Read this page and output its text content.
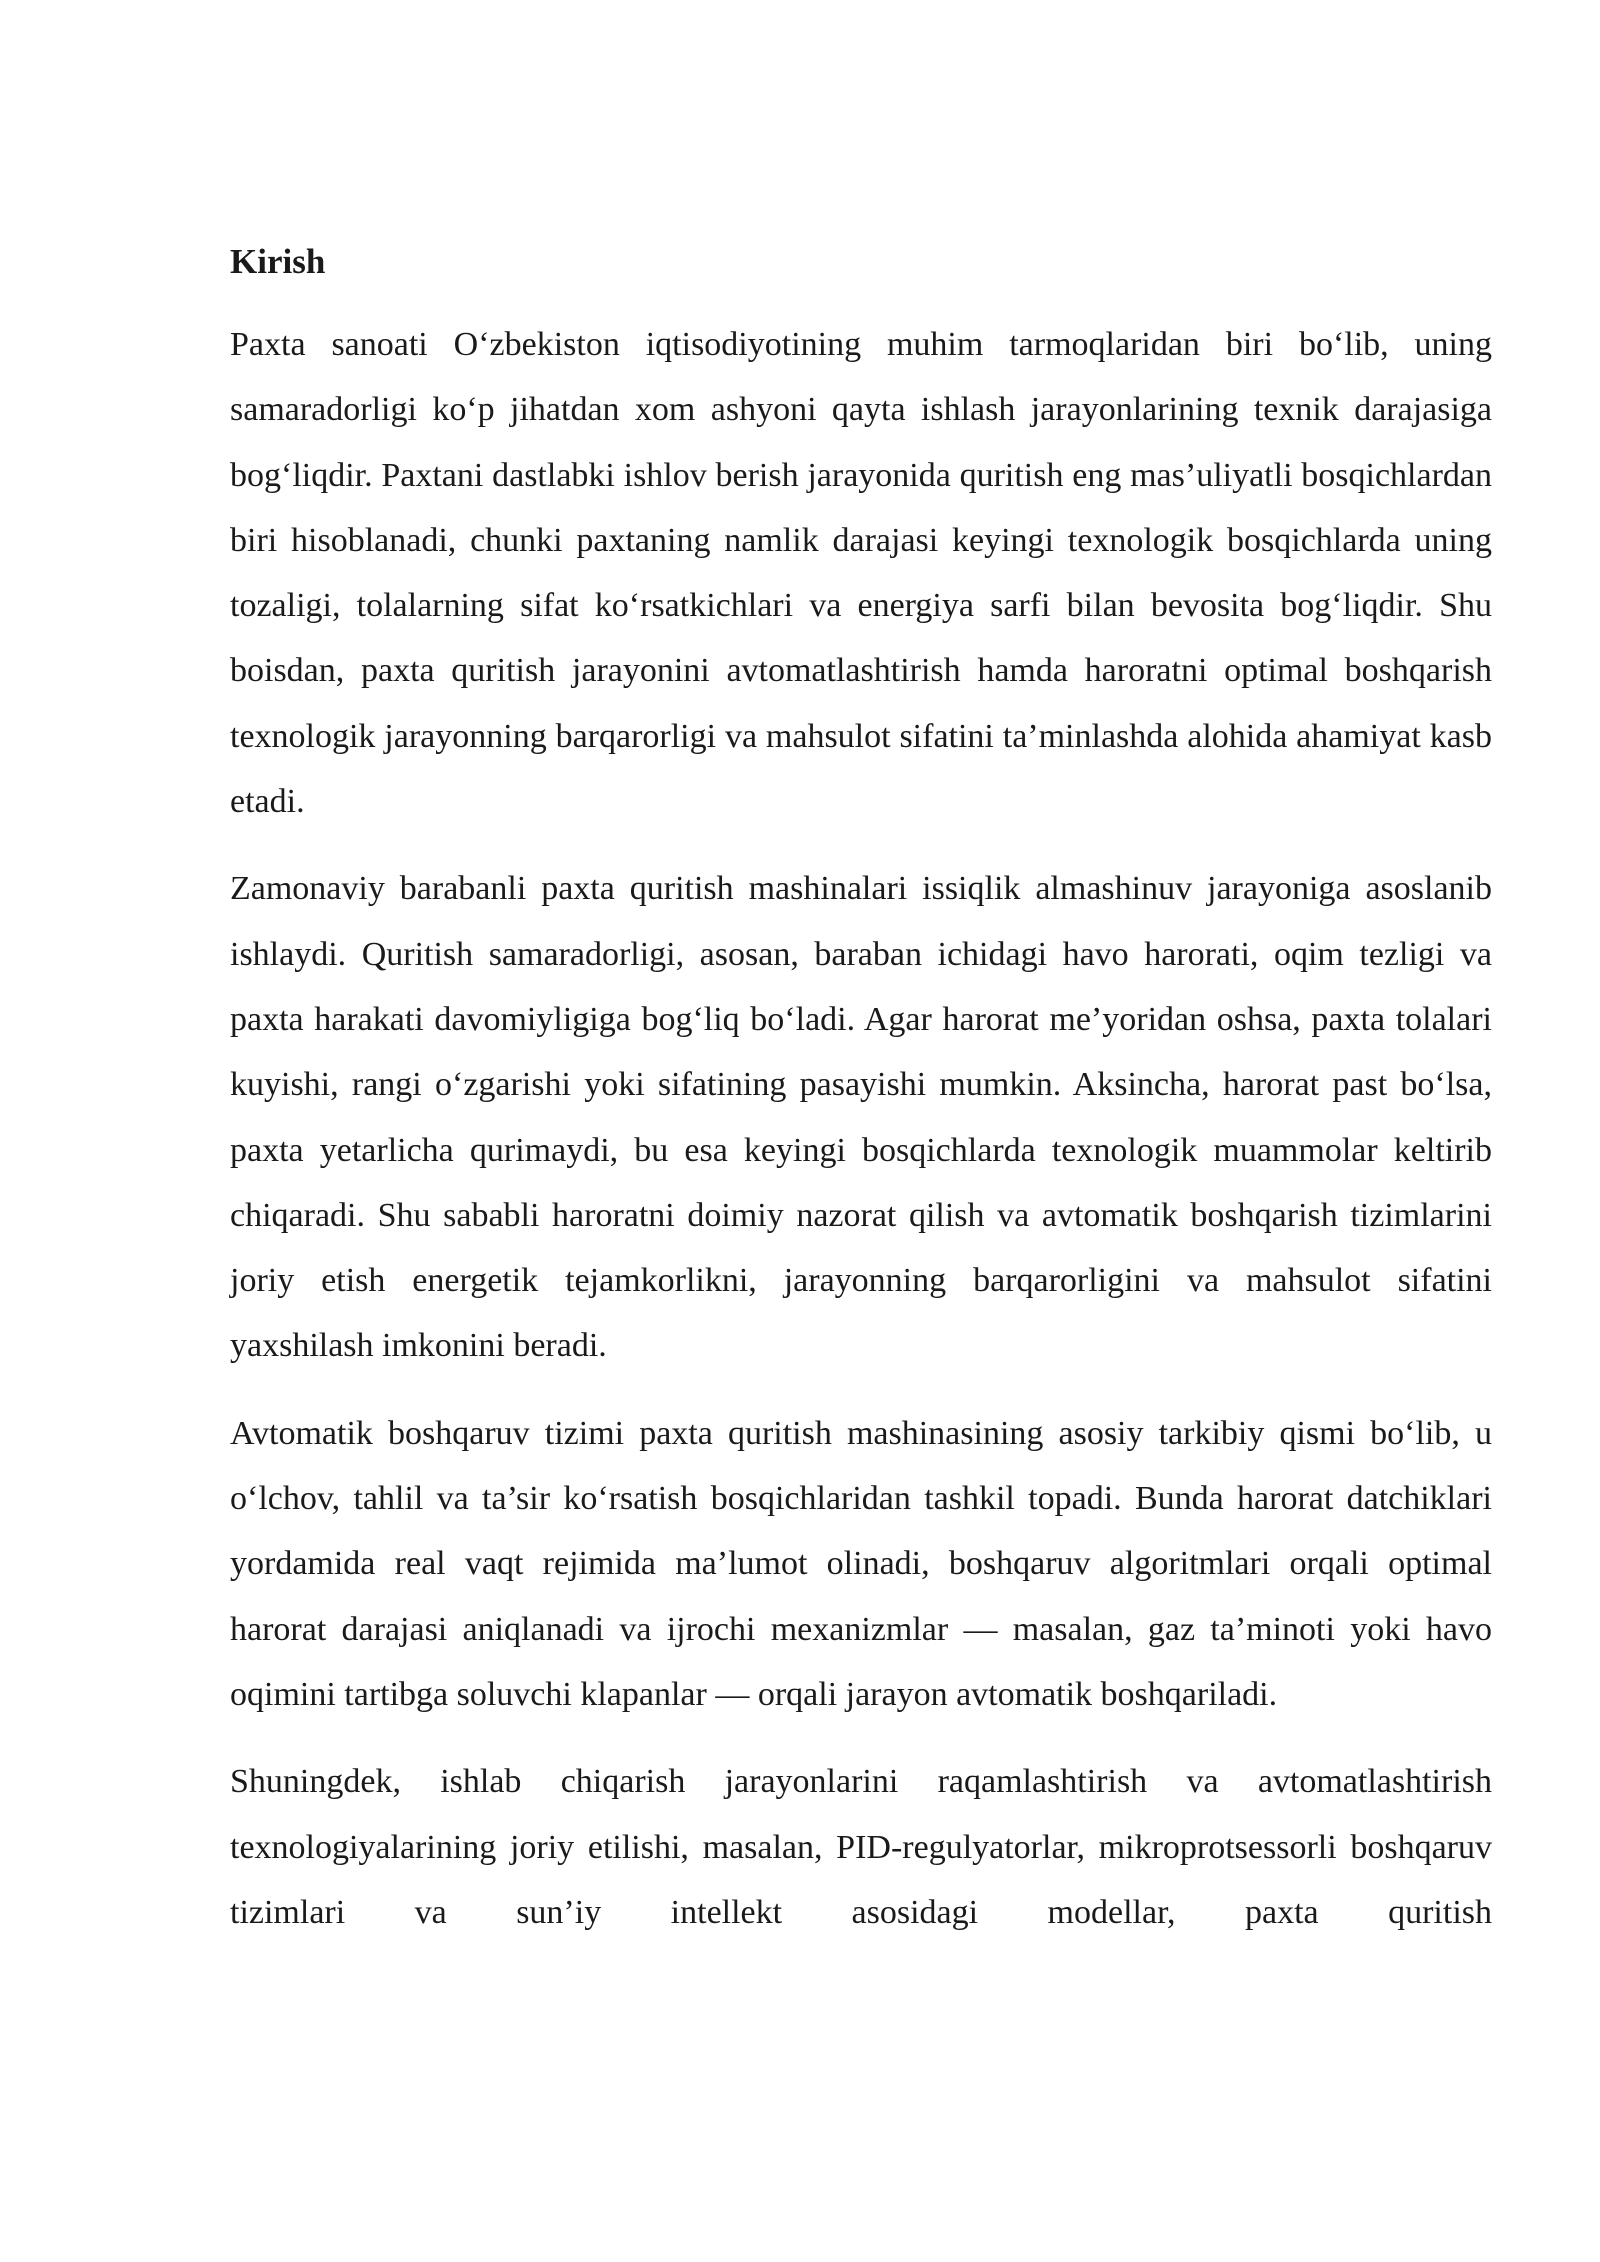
Kirish

Paxta sanoati O‘zbekiston iqtisodiyotining muhim tarmoqlaridan biri bo‘lib, uning samaradorligi ko‘p jihatdan xom ashyoni qayta ishlash jarayonlarining texnik darajasiga bog‘liqdir. Paxtani dastlabki ishlov berish jarayonida quritish eng mas’uliyatli bosqichlardan biri hisoblanadi, chunki paxtaning namlik darajasi keyingi texnologik bosqichlarda uning tozaligi, tolalarning sifat ko‘rsatkichlari va energiya sarfi bilan bevosita bog‘liqdir. Shu boisdan, paxta quritish jarayonini avtomatlashtirish hamda haroratni optimal boshqarish texnologik jarayonning barqarorligi va mahsulot sifatini ta’minlashda alohida ahamiyat kasb etadi.

Zamonaviy barabanli paxta quritish mashinalari issiqlik almashinuv jarayoniga asoslanib ishlaydi. Quritish samaradorligi, asosan, baraban ichidagi havo harorati, oqim tezligi va paxta harakati davomiyligiga bog‘liq bo‘ladi. Agar harorat me’yoridan oshsa, paxta tolalari kuyishi, rangi o‘zgarishi yoki sifatining pasayishi mumkin. Aksincha, harorat past bo‘lsa, paxta yetarlicha qurimaydi, bu esa keyingi bosqichlarda texnologik muammolar keltirib chiqaradi. Shu sababli haroratni doimiy nazorat qilish va avtomatik boshqarish tizimlarini joriy etish energetik tejamkorlikni, jarayonning barqarorligini va mahsulot sifatini yaxshilash imkonini beradi.

Avtomatik boshqaruv tizimi paxta quritish mashinasining asosiy tarkibiy qismi bo‘lib, u o‘lchov, tahlil va ta’sir ko‘rsatish bosqichlaridan tashkil topadi. Bunda harorat datchiklari yordamida real vaqt rejimida ma’lumot olinadi, boshqaruv algoritmlari orqali optimal harorat darajasi aniqlanadi va ijrochi mexanizmlar — masalan, gaz ta’minoti yoki havo oqimini tartibga soluvchi klapanlar — orqali jarayon avtomatik boshqariladi.

Shuningdek, ishlab chiqarish jarayonlarini raqamlashtirish va avtomatlashtirish texnologiyalarining joriy etilishi, masalan, PID-regulyatorlar, mikroprotsessorli boshqaruv tizimlari va sun’iy intellekt asosidagi modellar, paxta quritish
